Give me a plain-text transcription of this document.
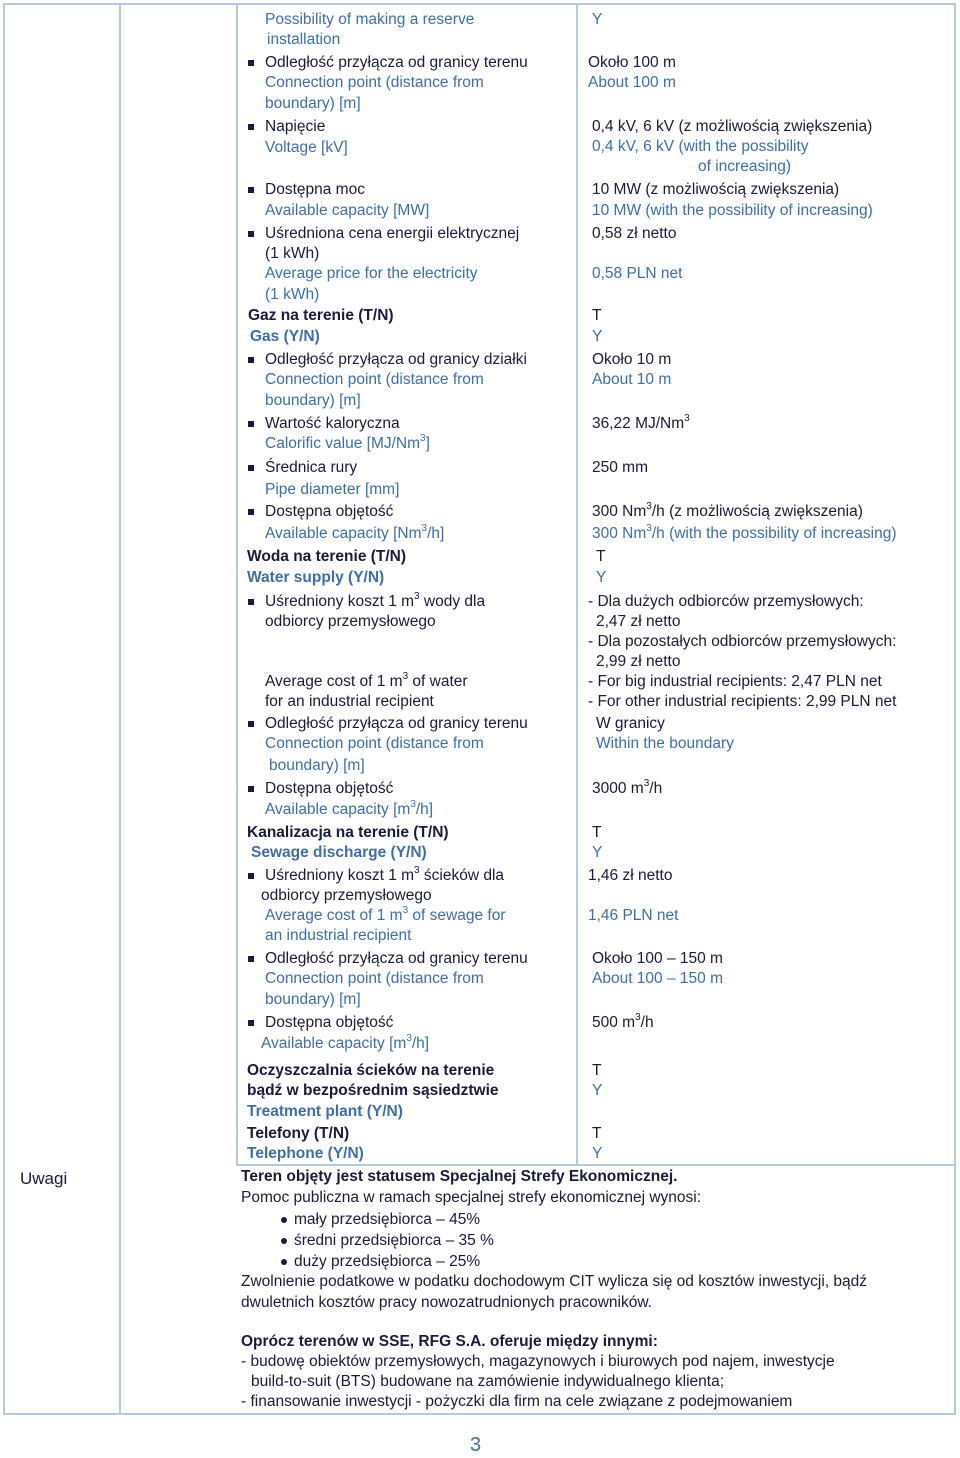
Possibility of making a reserve
installation
Y
Odległość przyłącza od granicy terenu
Connection point (distance from
boundary) [m]
Około 100 m
About 100 m
Napięcie
Voltage [kV]
0,4 kV, 6 kV (z możliwością zwiększenia)
0,4 kV, 6 kV (with the possibility
of increasing)
Dostępna moc
Available capacity [MW]
10 MW (z możliwością zwiększenia)
10 MW (with the possibility of increasing)
Uśredniona cena energii elektrycznej
(1 kWh)
Average price for the electricity
(1 kWh)
0,58 zł netto
0,58 PLN net
Gaz na terenie (T/N)
Gas (Y/N)
T
Y
Odległość przyłącza od granicy działki
Connection point (distance from
boundary) [m]
Około 10 m
About 10 m
Wartość kaloryczna
Calorific value [MJ/Nm$^3$]
36,22 MJ/Nm$^3$
Średnica rury
Pipe diameter [mm]
250 mm
Dostępna objętość
Available capacity [Nm$^3$/h]
300 Nm$^3$/h (z możliwością zwiększenia)
300 Nm$^3$/h (with the possibility of increasing)
Woda na terenie (T/N)
Water supply (Y/N)
T
Y
Uśredniony koszt 1 $m^3$ wody dla
odbiorcy przemysłowego
Average cost of 1 $m^3$ of water
for an industrial recipient
- Dla dużych odbiorców przemysłowych:
2,47 zł netto
- Dla pozostałych odbiorców przemysłowych:
2,99 zł netto
- For big industrial recipients: 2,47 PLN net
- For other industrial recipients: 2,99 PLN net
Odległość przyłącza od granicy terenu
Connection point (distance from
boundary) [m]
W granicy
Within the boundary
Dostępna objętość
Available capacity $[m^3/h]$
3000 $m^3/h$
Kanalizacja na terenie (T/N)
Sewage discharge (Y/N)
T
Y
Uśredniony koszt 1 $m^3$ ścieków dla
odbiorcy przemysłowego
Average cost of 1 $m^3$ of sewage for
an industrial recipient
1,46 zł netto
1,46 PLN net
Odległość przyłącza od granicy terenu
Connection point (distance from
boundary) [m]
Około 100 – 150 m
About 100 – 150 m
Dostępna objętość
Available capacity $[m^3/h]$
500 $m^3/h$
Oczyszczalnia ścieków na terenie
bądź w bezpośrednim sąsiedztwie
Treatment plant (Y/N)
T
Y
Telefony (T/N)
Telephone (Y/N)
T
Y
Uwagi	Teren objęty jest statusem Specjalnej Strefy Ekonomicznej.
Pomoc publiczna w ramach specjalnej strefy ekonomicznej wynosi:
mały przedsiębiorca – 45%
średni przedsiębiorca – 35 %
duży przedsiębiorca – 25%
Zwolnienie podatkowe w podatku dochodowym CIT wylicza się od kosztów inwestycji, bądź
dwuletnich kosztów pracy nowozatrudnionych pracowników.
Oprócz terenów w SSE, RFG S.A. oferuje między innymi:
- budowę obiektów przemysłowych, magazynowych i biurowych pod najem, inwestycje
build-to-suit (BTS) budowane na zamówienie indywidualnego klienta;
- finansowanie inwestycji - pożyczki dla firm na cele związane z podejmowaniem
3
